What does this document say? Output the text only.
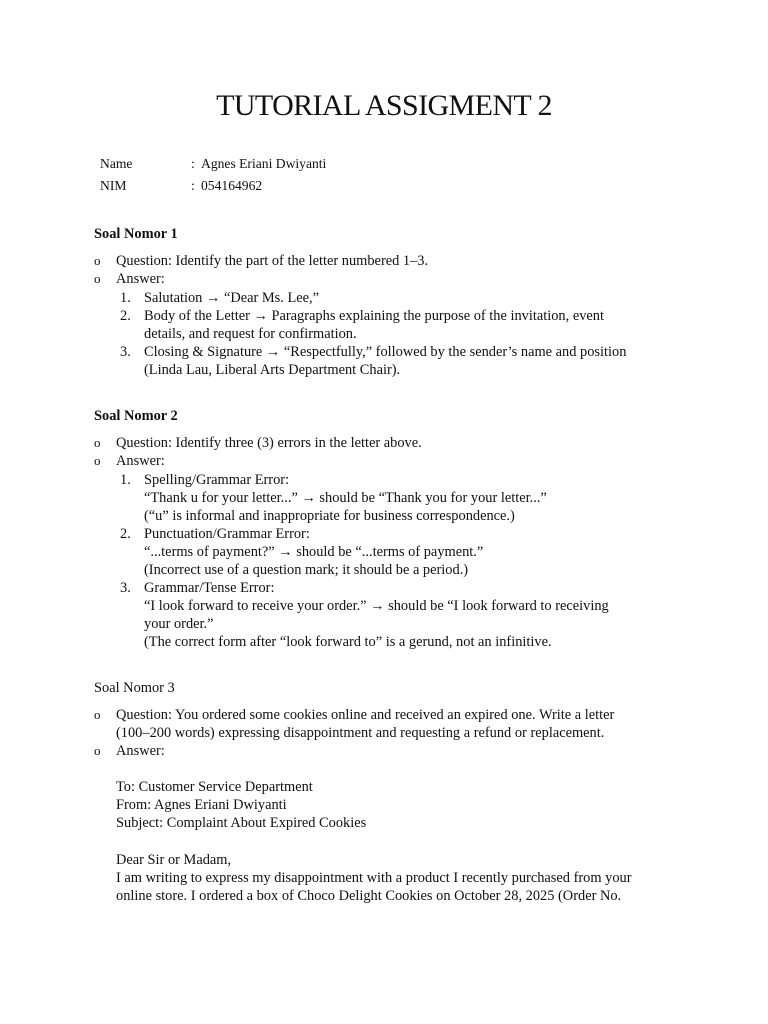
TUTORIAL ASSIGMENT 2
Name	: Agnes Eriani Dwiyanti
NIM	: 054164962
Soal Nomor 1
o Question: Identify the part of the letter numbered 1–3.
o Answer:
1. Salutation → “Dear Ms. Lee,”
2. Body of the Letter → Paragraphs explaining the purpose of the invitation, event
details, and request for confirmation.
3. Closing & Signature → “Respectfully,” followed by the sender’s name and position
(Linda Lau, Liberal Arts Department Chair).
Soal Nomor 2
o Question: Identify three (3) errors in the letter above.
o Answer:
1. Spelling/Grammar Error:
“Thank u for your letter...” → should be “Thank you for your letter...”
(“u” is informal and inappropriate for business correspondence.)
2. Punctuation/Grammar Error:
“...terms of payment?” → should be “...terms of payment.”
(Incorrect use of a question mark; it should be a period.)
3. Grammar/Tense Error:
“I look forward to receive your order.” → should be “I look forward to receiving
your order.”
(The correct form after “look forward to” is a gerund, not an infinitive.
Soal Nomor 3
o Question: You ordered some cookies online and received an expired one. Write a letter
(100–200 words) expressing disappointment and requesting a refund or replacement.
o Answer:
To: Customer Service Department
From: Agnes Eriani Dwiyanti
Subject: Complaint About Expired Cookies
Dear Sir or Madam,
I am writing to express my disappointment with a product I recently purchased from your
online store. I ordered a box of Choco Delight Cookies on October 28, 2025 (Order No.
